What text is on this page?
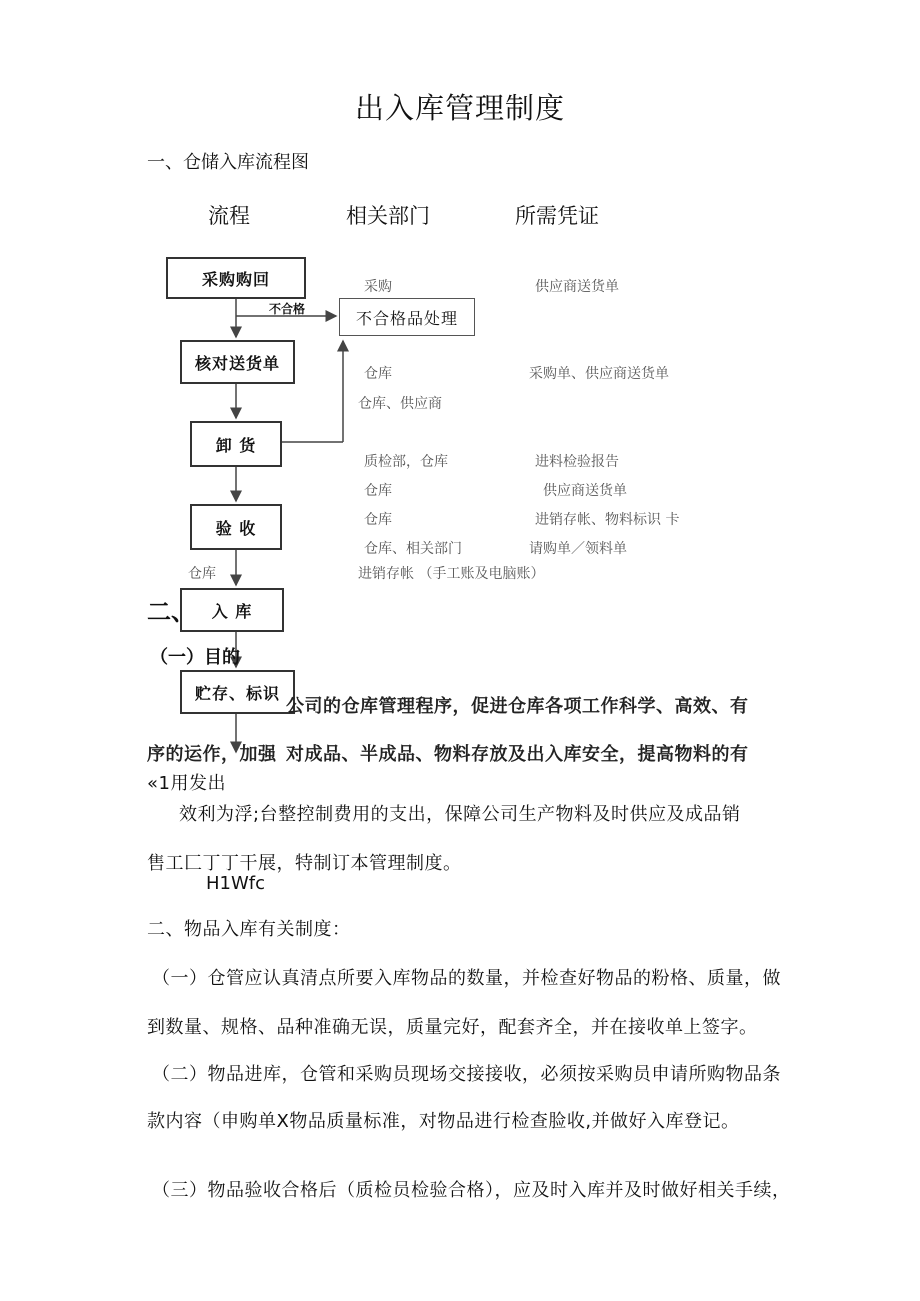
出入库管理制度
一、仓储入库流程图
流程	相关部门	所需凭证
采购购回
不合格	不合格品处理
核对送货单
卸 货
验 收
仓库
入 库
贮存、标识
采购	供应商送货单
仓库	采购单、供应商送货单
仓库、供应商
质检部，仓库	进料检验报告
仓库	供应商送货单
仓库	进销存帐、物料标识 卡
仓库、相关部门	请购单／领料单
进销存帐 （手工账及电脑账）
二、
（一）目的
公司的仓库管理程序，促进仓库各项工作科学、高效、有
序的运作，加强 对成品、半成品、物料存放及出入库安全，提高物料的有
«1用发出
效利为浮;台整控制费用的支出，保障公司生产物料及时供应及成品销
售工匚丁丁干展，特制订本管理制度。
H1Wfc
二、物品入库有关制度：
（一）仓管应认真清点所要入库物品的数量，并检查好物品的粉格、质量，做
到数量、规格、品种准确无误，质量完好，配套齐全，并在接收单上签字。
（二）物品进库，仓管和采购员现场交接接收，必须按采购员申请所购物品条
款内容（申购单X物品质量标准，对物品进行检查脸收,并做好入库登记。
（三）物品验收合格后（质检员检验合格），应及时入库并及时做好相关手续，
